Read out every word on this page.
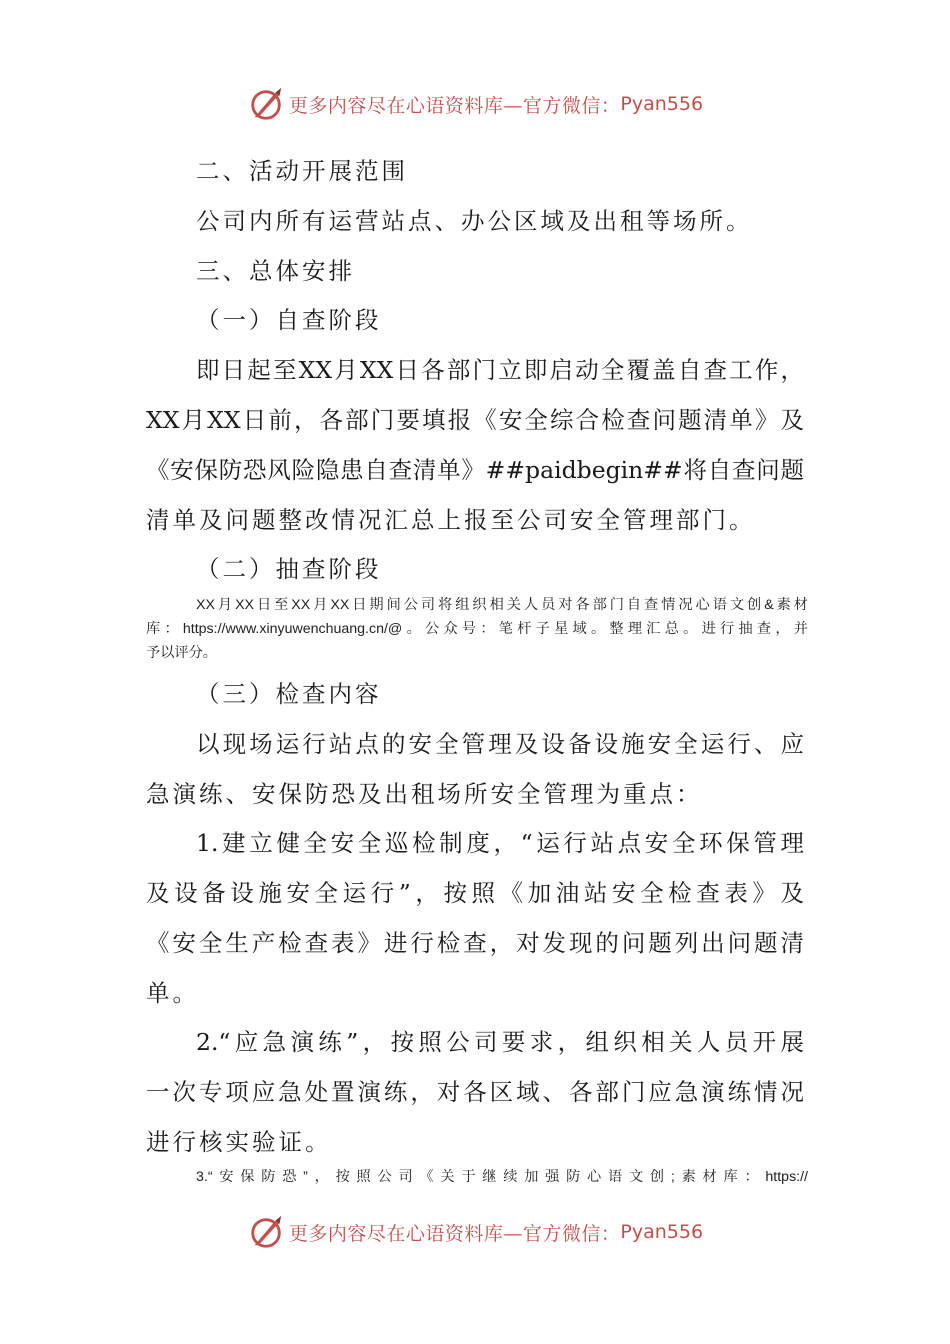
更多内容尽在心语资料库—官方微信： Pyan556
二、活动开展范围
公司内所有运营站点、办公区域及出租等场所。
三、总体安排
（一）自查阶段
即日起至XX月XX日各部门立即启动全覆盖自查工作，
XX月XX日前，各部门要填报《安全综合检查问题清单》及
《安保防恐风险隐患自查清单》##paidbegin##将自查问题
清单及问题整改情况汇总上报至公司安全管理部门。
（二）抽查阶段
XX月XX日至XX月XX日期间公司将组织相关人员对各部门自查情况心语文创&素材
库：https://www.xinyuwenchuang.cn/@。公众号：笔杆子星域。整理汇总。进行抽查，并
予以评分。
（三）检查内容
以现场运行站点的安全管理及设备设施安全运行、应
急演练、安保防恐及出租场所安全管理为重点：
1.建立健全安全巡检制度，“运行站点安全环保管理
及设备设施安全运行”，按照《加油站安全检查表》及
《安全生产检查表》进行检查，对发现的问题列出问题清
单。
2.“应急演练”，按照公司要求，组织相关人员开展
一次专项应急处置演练，对各区域、各部门应急演练情况
进行核实验证。
3.“安保防恐”，按照公司《关于继续加强防心语文创;素材库：https://
更多内容尽在心语资料库—官方微信： Pyan556
